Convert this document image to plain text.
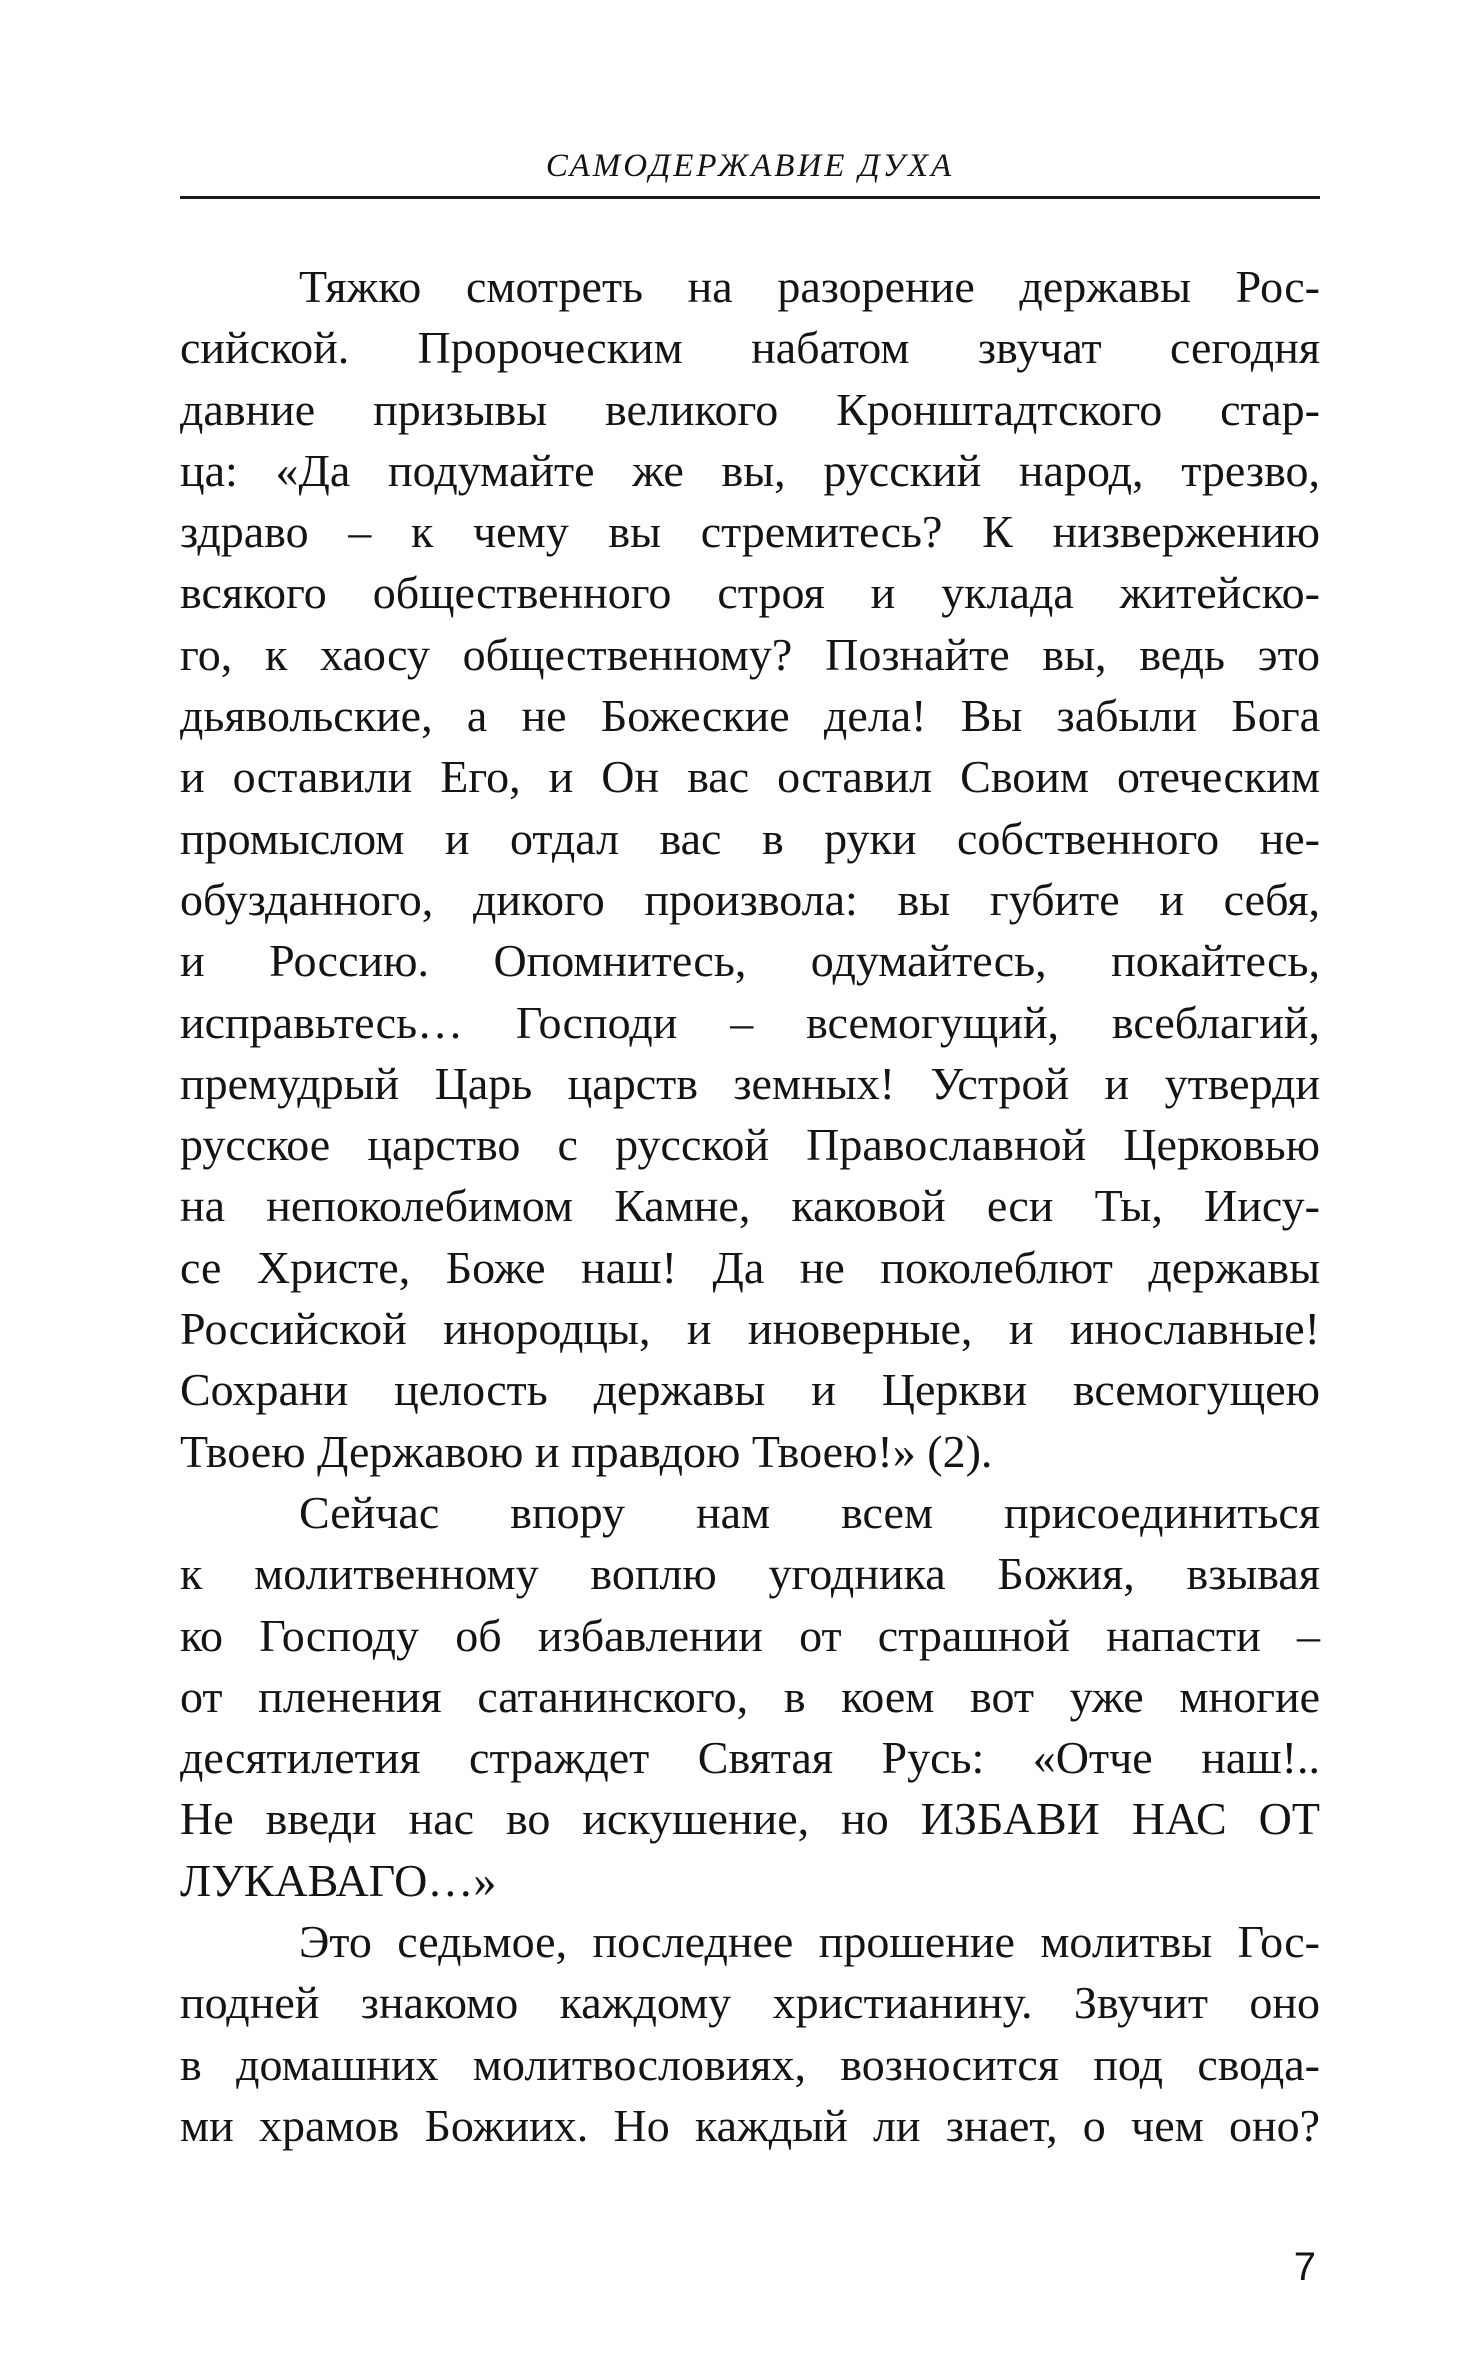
САМОДЕРЖАВИЕ ДУХА
Тяжко смотреть на разорение державы Рос-
сийской. Пророческим набатом звучат сегодня
давние призывы великого Кронштадтского стар-
ца: «Да подумайте же вы, русский народ, трезво,
здраво – к чему вы стремитесь? К низвержению
всякого общественного строя и уклада житейско-
го, к хаосу общественному? Познайте вы, ведь это
дьявольские, а не Божеские дела! Вы забыли Бога
и оставили Его, и Он вас оставил Своим отеческим
промыслом и отдал вас в руки собственного не-
обузданного, дикого произвола: вы губите и себя,
и Россию. Опомнитесь, одумайтесь, покайтесь,
исправьтесь… Господи – всемогущий, всеблагий,
премудрый Царь царств земных! Устрой и утверди
русское царство с русской Православной Церковью
на непоколебимом Камне, каковой еси Ты, Иису-
се Христе, Боже наш! Да не поколеблют державы
Российской инородцы, и иноверные, и инославные!
Сохрани целость державы и Церкви всемогущею
Твоею Державою и правдою Твоею!» (2).
Сейчас впору нам всем присоединиться
к молитвенному воплю угодника Божия, взывая
ко Господу об избавлении от страшной напасти –
от пленения сатанинского, в коем вот уже многие
десятилетия страждет Святая Русь: «Отче наш!..
Не введи нас во искушение, но ИЗБАВИ НАС ОТ
ЛУКАВАГО…»
Это седьмое, последнее прошение молитвы Гос-
подней знакомо каждому христианину. Звучит оно
в домашних молитвословиях, возносится под свода-
ми храмов Божиих. Но каждый ли знает, о чем оно?
7
